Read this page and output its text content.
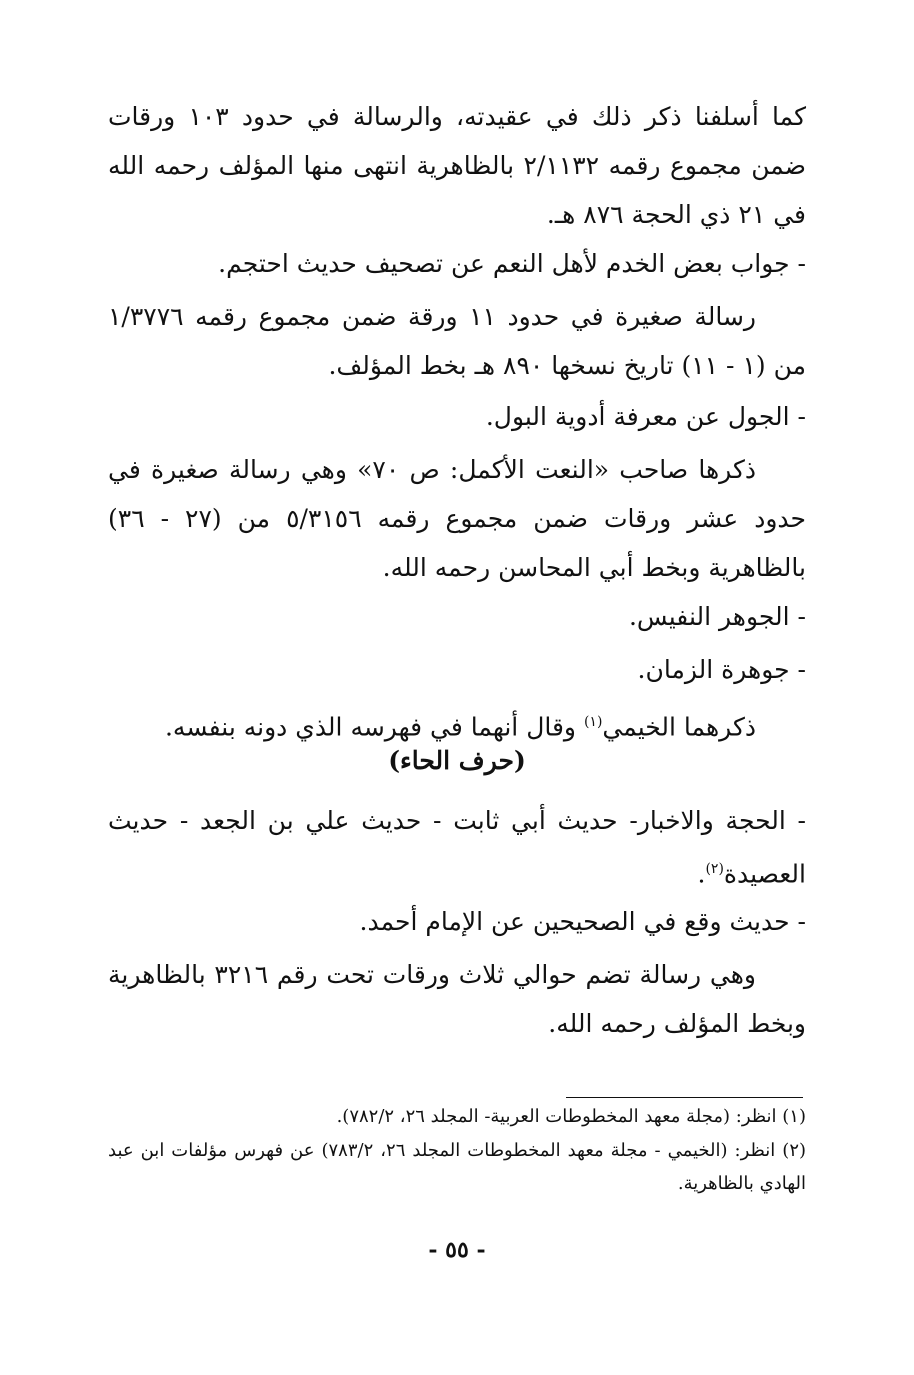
كما أسلفنا ذكر ذلك في عقيدته، والرسالة في حدود ١٠٣ ورقات ضمن مجموع رقمه ٢/١١٣٢ بالظاهرية انتهى منها المؤلف رحمه الله في ٢١ ذي الحجة ٨٧٦ هـ.
- جواب بعض الخدم لأهل النعم عن تصحيف حديث احتجم.
رسالة صغيرة في حدود ١١ ورقة ضمن مجموع رقمه ١/٣٧٧٦ من (١ - ١١) تاريخ نسخها ٨٩٠ هـ بخط المؤلف.
- الجول عن معرفة أدوية البول.
ذكرها صاحب «النعت الأكمل: ص ٧٠» وهي رسالة صغيرة في حدود عشر ورقات ضمن مجموع رقمه ٥/٣١٥٦ من (٢٧ - ٣٦) بالظاهرية وبخط أبي المحاسن رحمه الله.
- الجوهر النفيس.
- جوهرة الزمان.
ذكرهما الخيمي$^{(١)}$ وقال أنهما في فهرسه الذي دونه بنفسه.
(حرف الحاء)
- الحجة والاخبار- حديث أبي ثابت - حديث علي بن الجعد - حديث العصيدة$^{(٢)}$.
- حديث وقع في الصحيحين عن الإمام أحمد.
وهي رسالة تضم حوالي ثلاث ورقات تحت رقم ٣٢١٦ بالظاهرية وبخط المؤلف رحمه الله.
(١) انظر: (مجلة معهد المخطوطات العربية- المجلد ٢٦، ٧٨٢/٢).
(٢) انظر: (الخيمي - مجلة معهد المخطوطات المجلد ٢٦، ٧٨٣/٢) عن فهرس مؤلفات ابن عبد الهادي بالظاهرية.
- ٥٥ -
